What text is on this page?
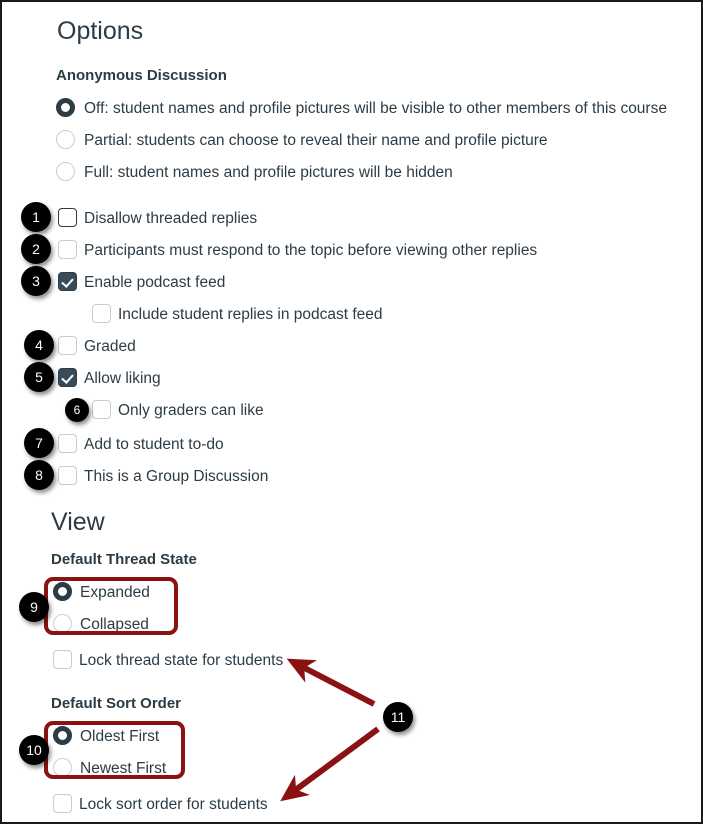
Options
Anonymous Discussion
Off: student names and profile pictures will be visible to other members of this course
Partial: students can choose to reveal their name and profile picture
Full: student names and profile pictures will be hidden
Disallow threaded replies
Participants must respond to the topic before viewing other replies
Enable podcast feed
Include student replies in podcast feed
Graded
Allow liking
Only graders can like
Add to student to-do
This is a Group Discussion
View
Default Thread State
Expanded
Collapsed
Lock thread state for students
Default Sort Order
Oldest First
Newest First
Lock sort order for students
1
2
3
4
5
6
7
8
9
10
11
